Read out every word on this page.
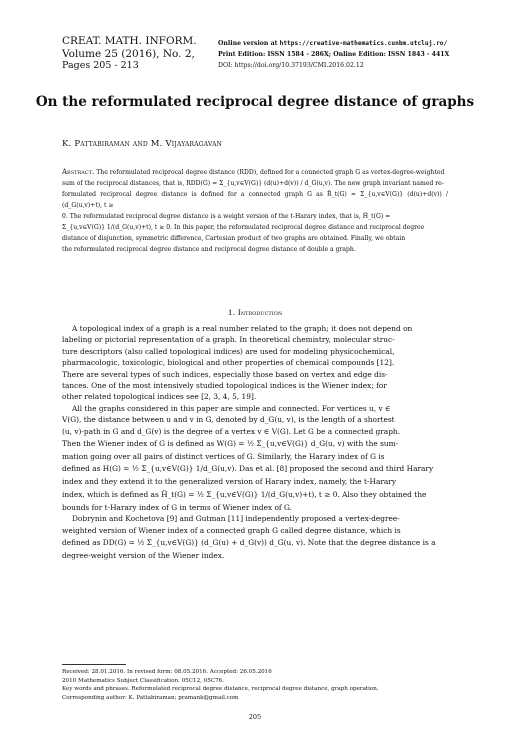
CREAT. MATH. INFORM.
Volume 25 (2016), No. 2,
Pages 205 - 213
Online version at https://creative-mathematics.cunbm.utcluj.ro/
Print Edition: ISSN 1584 - 286X; Online Edition: ISSN 1843 - 441X
DOI: https://doi.org/10.37193/CMI.2016.02.12
On the reformulated reciprocal degree distance of graphs
K. Pattabiraman and M. Vijayaragavan

Abstract. The reformulated reciprocal degree distance (RDD), defined for a connected graph G as vertex-degree-weighted

sum of the reciprocal distances, that is, RDD(G) = Σ_{u,v∈V(G)} (d(u)+d(v)) / d_G(u,v). The new graph invariant named re-

formulated reciprocal degree distance is defined for a connected graph G as R̄_t(G) = Σ_{u,v∈V(G)} (d(u)+d(v)) / (d_G(u,v)+t), t ≥

0. The reformulated reciprocal degree distance is a weight version of the t-Harary index, that is, H̄_t(G) =

Σ_{u,v∈V(G)} 1/(d_G(u,v)+t), t ≥ 0. In this paper, the reformulated reciprocal degree distance and reciprocal degree

distance of disjunction, symmetric difference, Cartesian product of two graphs are obtained. Finally, we obtain

the reformulated reciprocal degree distance and reciprocal degree distance of double a graph.

1. Introduction

A topological index of a graph is a real number related to the graph; it does not depend on

labeling or pictorial representation of a graph. In theoretical chemistry, molecular struc-

ture descriptors (also called topological indices) are used for modeling physicochemical,

pharmacologic, toxicologic, biological and other properties of chemical compounds [12].

There are several types of such indices, especially those based on vertex and edge dis-

tances. One of the most intensively studied topological indices is the Wiener index; for

other related topological indices see [2, 3, 4, 5, 19].

All the graphs considered in this paper are simple and connected. For vertices u, v ∈

V(G), the distance between u and v in G, denoted by d_G(u, v), is the length of a shortest

(u, v)-path in G and d_G(v) is the degree of a vertex v ∈ V(G). Let G be a connected graph.

Then the Wiener index of G is defined as W(G) = ½ Σ_{u,v∈V(G)} d_G(u, v) with the sum-

mation going over all pairs of distinct vertices of G. Similarly, the Harary index of G is

defined as H(G) = ½ Σ_{u,v∈V(G)} 1/d_G(u,v). Das et al. [8] proposed the second and third Harary

index and they extend it to the generalized version of Harary index, namely, the t-Harary

index, which is defined as H̄_t(G) = ½ Σ_{u,v∈V(G)} 1/(d_G(u,v)+t), t ≥ 0. Also they obtained the

bounds for t-Harary index of G in terms of Wiener index of G.

Dobrynin and Kochetova [9] and Gutman [11] independently proposed a vertex-degree-

weighted version of Wiener index of a connected graph G called degree distance, which is

defined as DD(G) = ½ Σ_{u,v∈V(G)} (d_G(u) + d_G(v)) d_G(u, v). Note that the degree distance is a

degree-weight version of the Wiener index.

Received: 28.01.2016. In revised form: 08.05.2016. Accepted: 26.05.2016
2010 Mathematics Subject Classification. 05C12, 05C76.
Key words and phrases. Reformulated reciprocal degree distance, reciprocal degree distance, graph operation.
Corresponding author: K. Pattabiraman; pramank@gmail.com
205
